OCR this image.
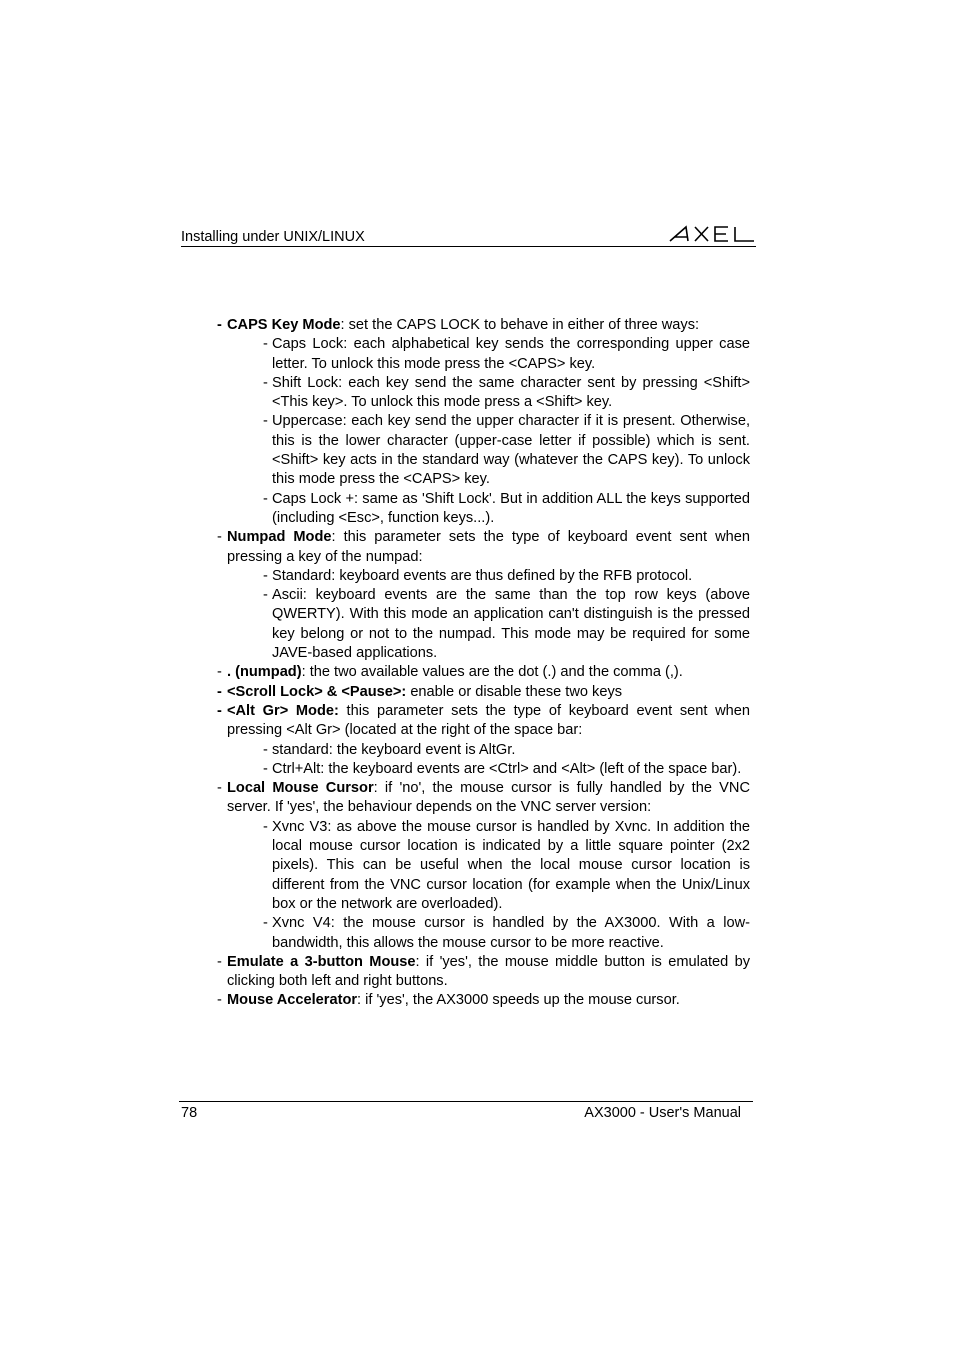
Installing under UNIX/LINUX
- CAPS Key Mode: set the CAPS LOCK to behave in either of three ways:
- Caps Lock: each alphabetical key sends the corresponding upper case letter. To unlock this mode press the <CAPS> key.
- Shift Lock: each key send the same character sent by pressing <Shift><This key>. To unlock this mode press a <Shift> key.
- Uppercase: each key send the upper character if it is present. Otherwise, this is the lower character (upper-case letter if possible) which is sent. <Shift> key acts in the standard way (whatever the CAPS key). To unlock this mode press the <CAPS> key.
- Caps Lock +: same as 'Shift Lock'. But in addition ALL the keys supported (including <Esc>, function keys...).
- Numpad Mode: this parameter sets the type of keyboard event sent when pressing a key of the numpad:
- Standard: keyboard events are thus defined by the RFB protocol.
- Ascii: keyboard events are the same than the top row keys (above QWERTY). With this mode an application can't distinguish is the pressed key belong or not to the numpad. This mode may be required for some JAVE-based applications.
- . (numpad): the two available values are the dot (.) and the comma (,).
- <Scroll Lock> & <Pause>: enable or disable these two keys
- <Alt Gr> Mode: this parameter sets the type of keyboard event sent when pressing <Alt Gr> (located at the right of the space bar:
- standard: the keyboard event is AltGr.
- Ctrl+Alt: the keyboard events are <Ctrl> and <Alt> (left of the space bar).
- Local Mouse Cursor: if 'no', the mouse cursor is fully handled by the VNC server. If 'yes', the behaviour depends on the VNC server version:
- Xvnc V3: as above the mouse cursor is handled by Xvnc. In addition the local mouse cursor location is indicated by a little square pointer (2x2 pixels). This can be useful when the local mouse cursor location is different from the VNC cursor location (for example when the Unix/Linux box or the network are overloaded).
- Xvnc V4: the mouse cursor is handled by the AX3000. With a low-bandwidth, this allows the mouse cursor to be more reactive.
- Emulate a 3-button Mouse: if 'yes', the mouse middle button is emulated by clicking both left and right buttons.
- Mouse Accelerator: if 'yes', the AX3000 speeds up the mouse cursor.
78	AX3000 - User's Manual
